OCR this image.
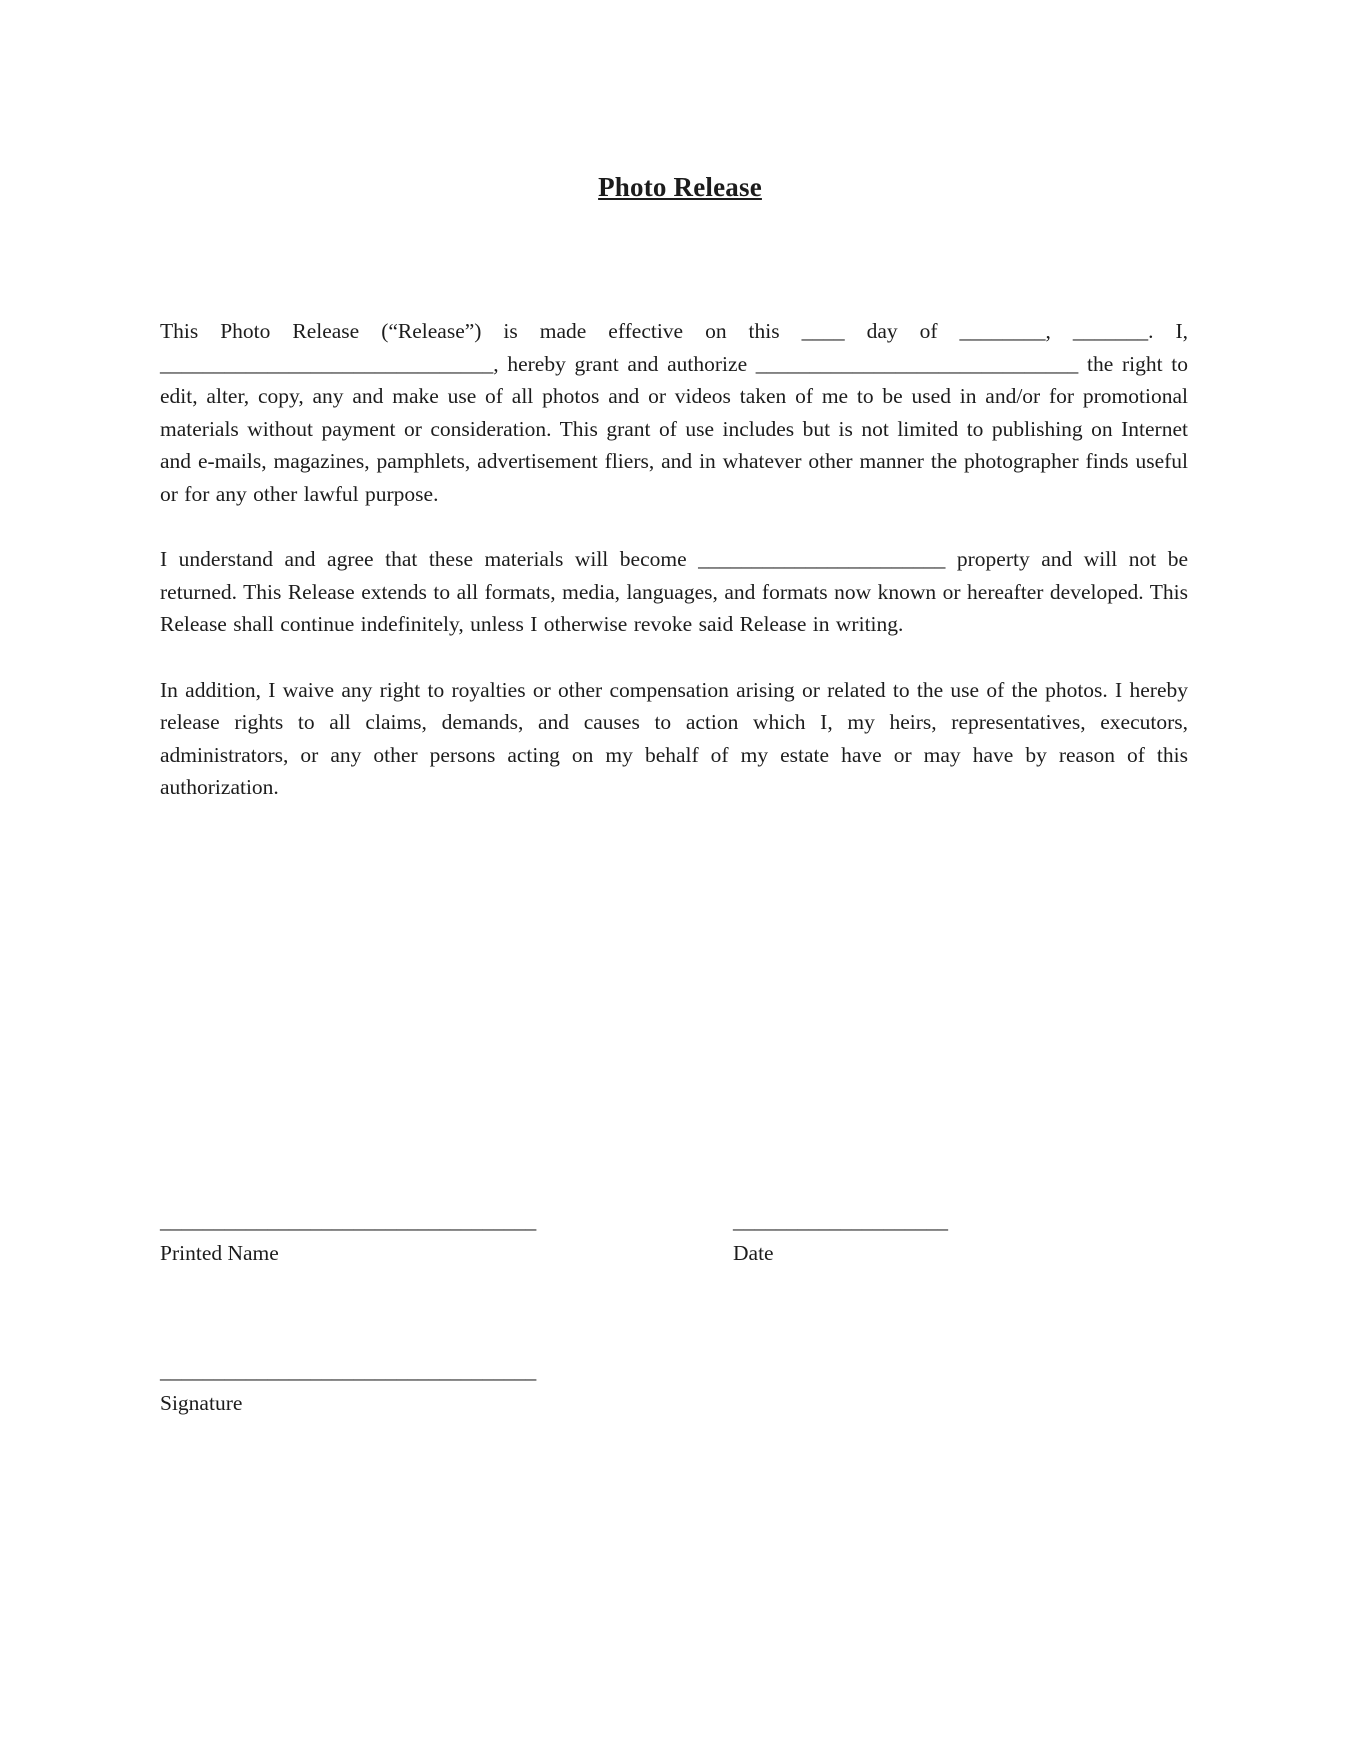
Photo Release

This Photo Release (“Release”) is made effective on this ____ day of ________, _______. I, _______________________________, hereby grant and authorize ______________________________ the right to edit, alter, copy, any and make use of all photos and or videos taken of me to be used in and/or for promotional materials without payment or consideration. This grant of use includes but is not limited to publishing on Internet and e-mails, magazines, pamphlets, advertisement fliers, and in whatever other manner the photographer finds useful or for any other lawful purpose.

I understand and agree that these materials will become _______________________ property and will not be returned. This Release extends to all formats, media, languages, and formats now known or hereafter developed. This Release shall continue indefinitely, unless I otherwise revoke said Release in writing.

In addition, I waive any right to royalties or other compensation arising or related to the use of the photos. I hereby release rights to all claims, demands, and causes to action which I, my heirs, representatives, executors, administrators, or any other persons acting on my behalf of my estate have or may have by reason of this authorization.

___________________________________
Printed Name
____________________
Date
___________________________________
Signature
